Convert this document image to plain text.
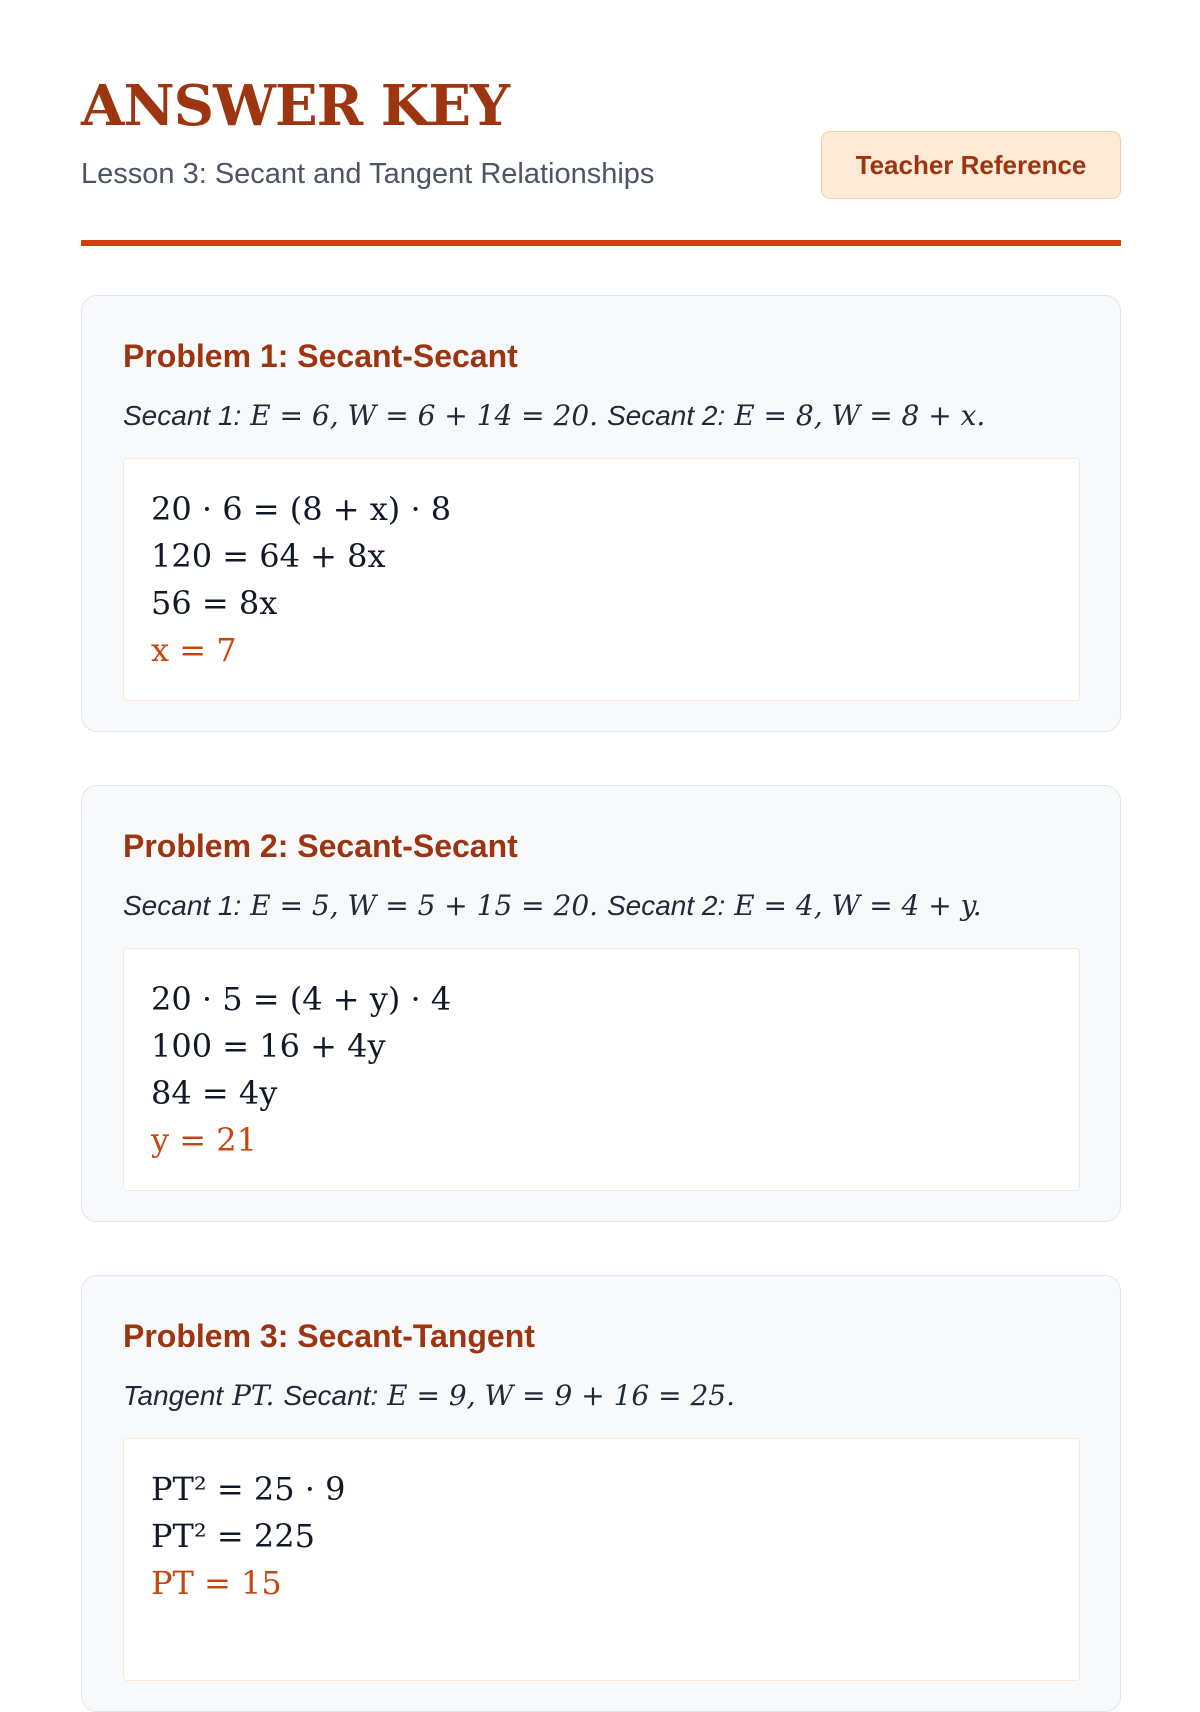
ANSWER KEY
Lesson 3: Secant and Tangent Relationships	Teacher Reference
Problem 1: Secant-Secant
Secant 1: E = 6, W = 6 + 14 = 20. Secant 2: E = 8, W = 8 + x.
20 · 6 = (8 + x) · 8
120 = 64 + 8x
56 = 8x
x = 7
Problem 2: Secant-Secant
Secant 1: E = 5, W = 5 + 15 = 20. Secant 2: E = 4, W = 4 + y.
20 · 5 = (4 + y) · 4
100 = 16 + 4y
84 = 4y
y = 21
Problem 3: Secant-Tangent
Tangent PT. Secant: E = 9, W = 9 + 16 = 25.
PT² = 25 · 9
PT² = 225
PT = 15
